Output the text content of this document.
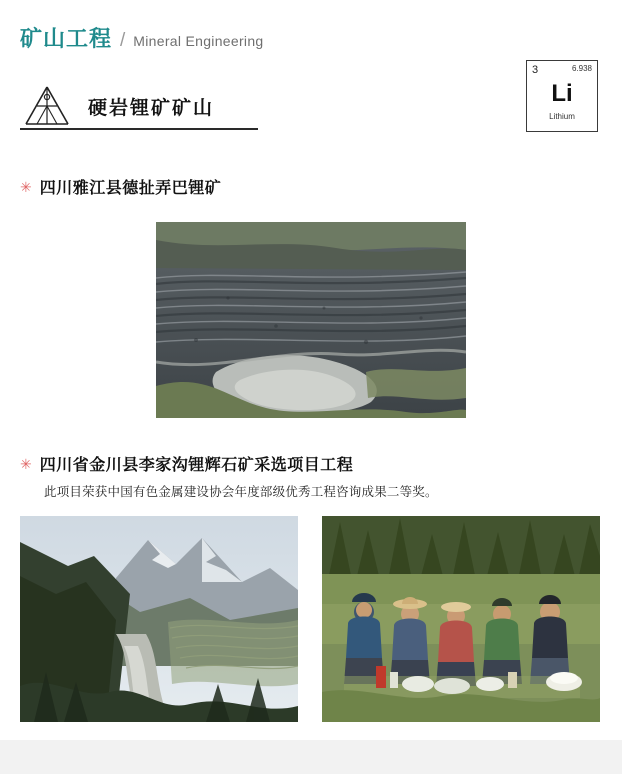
矿山工程 / Mineral Engineering
3	6.938
Li
Lithium
硬岩锂矿矿山
✳ 四川雅江县德扯弄巴锂矿
✳ 四川省金川县李家沟锂辉石矿采选项目工程
此项目荣获中国有色金属建设协会年度部级优秀工程咨询成果二等奖。
